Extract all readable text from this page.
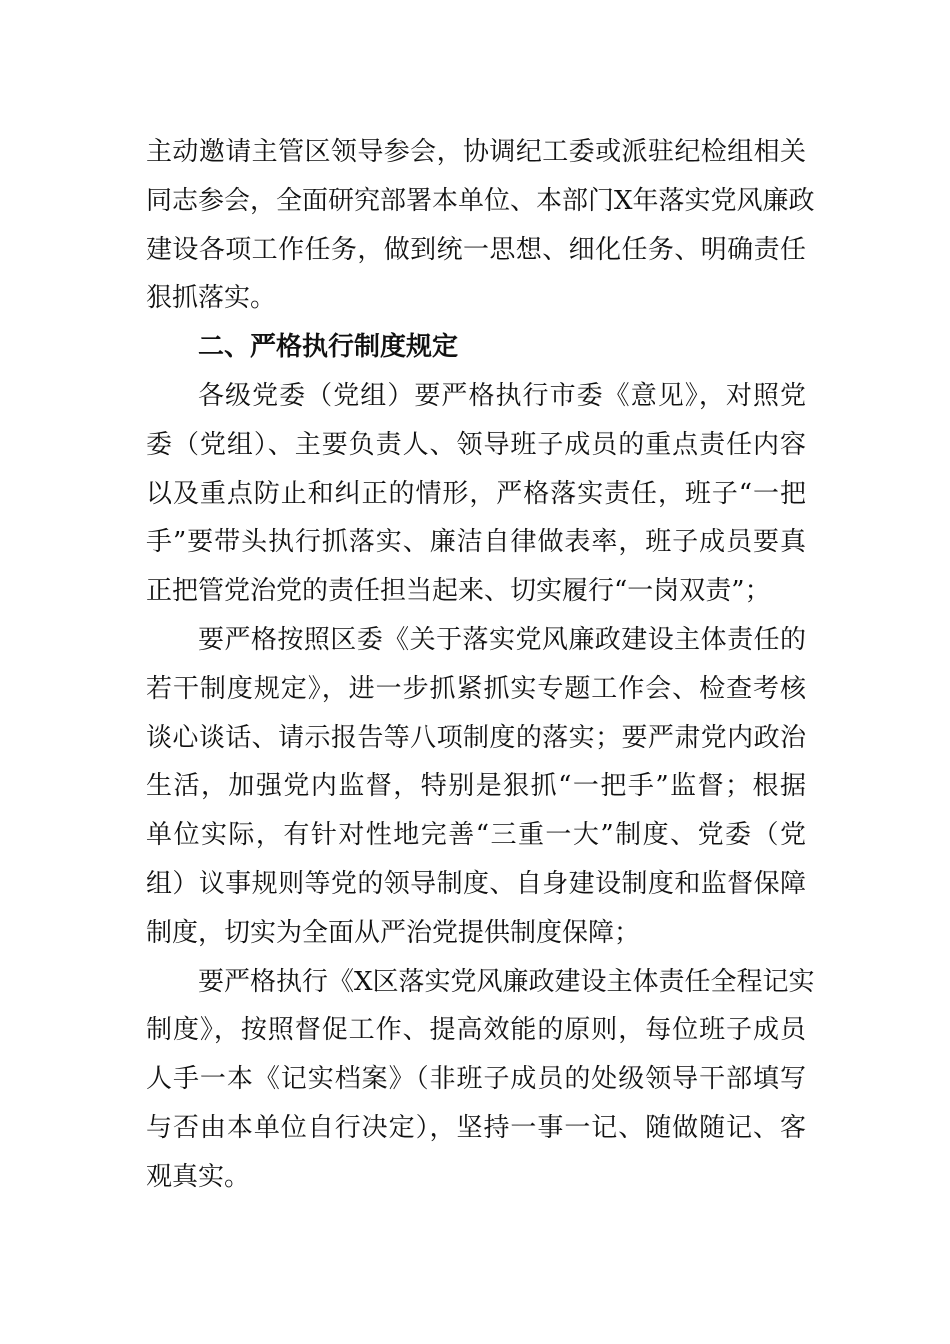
主动邀请主管区领导参会，协调纪工委或派驻纪检组相关
同志参会，全面研究部署本单位、本部门X年落实党风廉政
建设各项工作任务，做到统一思想、细化任务、明确责任
狠抓落实。
二、严格执行制度规定
各级党委（党组）要严格执行市委《意见》，对照党
委（党组）、主要负责人、领导班子成员的重点责任内容
以及重点防止和纠正的情形，严格落实责任，班子“一把
手”要带头执行抓落实、廉洁自律做表率，班子成员要真
正把管党治党的责任担当起来、切实履行“一岗双责”；
要严格按照区委《关于落实党风廉政建设主体责任的
若干制度规定》，进一步抓紧抓实专题工作会、检查考核
谈心谈话、请示报告等八项制度的落实；要严肃党内政治
生活，加强党内监督，特别是狠抓“一把手”监督；根据
单位实际，有针对性地完善“三重一大”制度、党委（党
组）议事规则等党的领导制度、自身建设制度和监督保障
制度，切实为全面从严治党提供制度保障；
要严格执行《X区落实党风廉政建设主体责任全程记实
制度》，按照督促工作、提高效能的原则，每位班子成员
人手一本《记实档案》（非班子成员的处级领导干部填写
与否由本单位自行决定），坚持一事一记、随做随记、客
观真实。
